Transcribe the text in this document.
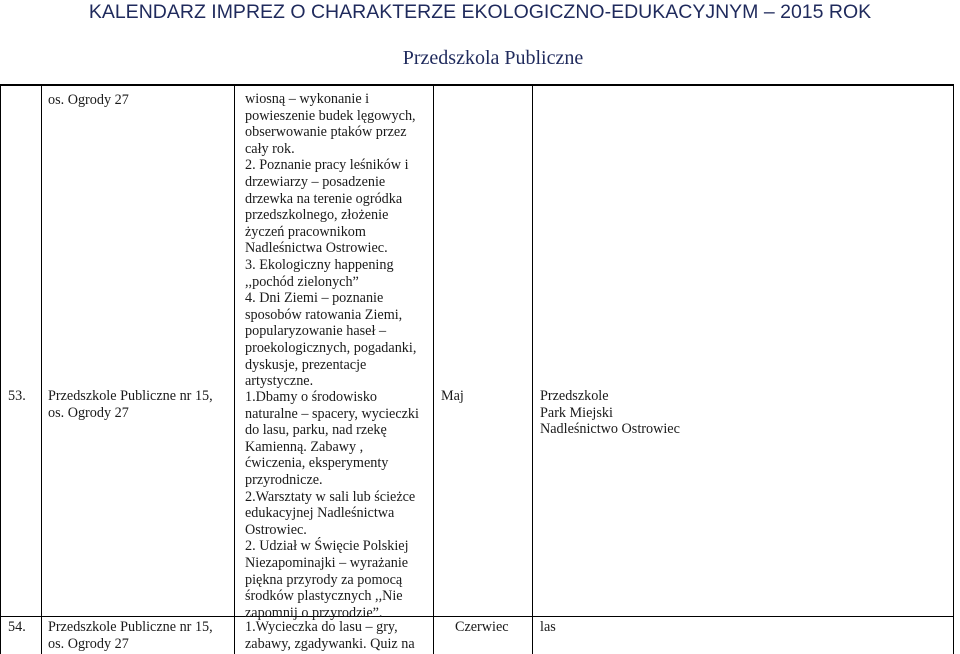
KALENDARZ IMPREZ O CHARAKTERZE EKOLOGICZNO-EDUKACYJNYM – 2015 ROK
Przedszkola Publiczne
os. Ogrody 27	wiosną – wykonanie i
powieszenie budek lęgowych,
obserwowanie ptaków przez
cały rok.
2. Poznanie pracy leśników i
drzewiarzy – posadzenie
drzewka na terenie ogródka
przedszkolnego, złożenie
życzeń pracownikom
Nadleśnictwa Ostrowiec.
3. Ekologiczny happening
,,pochód zielonych”
4. Dni Ziemi – poznanie
sposobów ratowania Ziemi,
popularyzowanie haseł –
proekologicznych, pogadanki,
dyskusje, prezentacje
artystyczne.
53. Przedszkole Publiczne nr 15,
os. Ogrody 27
1.Dbamy o środowisko
naturalne – spacery, wycieczki
do lasu, parku, nad rzekę
Kamienną. Zabawy ,
ćwiczenia, eksperymenty
przyrodnicze.
2.Warsztaty w sali lub ścieżce
edukacyjnej Nadleśnictwa
Ostrowiec.
2. Udział w Święcie Polskiej
Niezapominajki – wyrażanie
piękna przyrody za pomocą
środków plastycznych ,,Nie
zapomnij o przyrodzie”.
Maj	Przedszkole
Park Miejski
Nadleśnictwo Ostrowiec
54. Przedszkole Publiczne nr 15,
os. Ogrody 27
1.Wycieczka do lasu – gry,
zabawy, zgadywanki. Quiz na
Czerwiec las
